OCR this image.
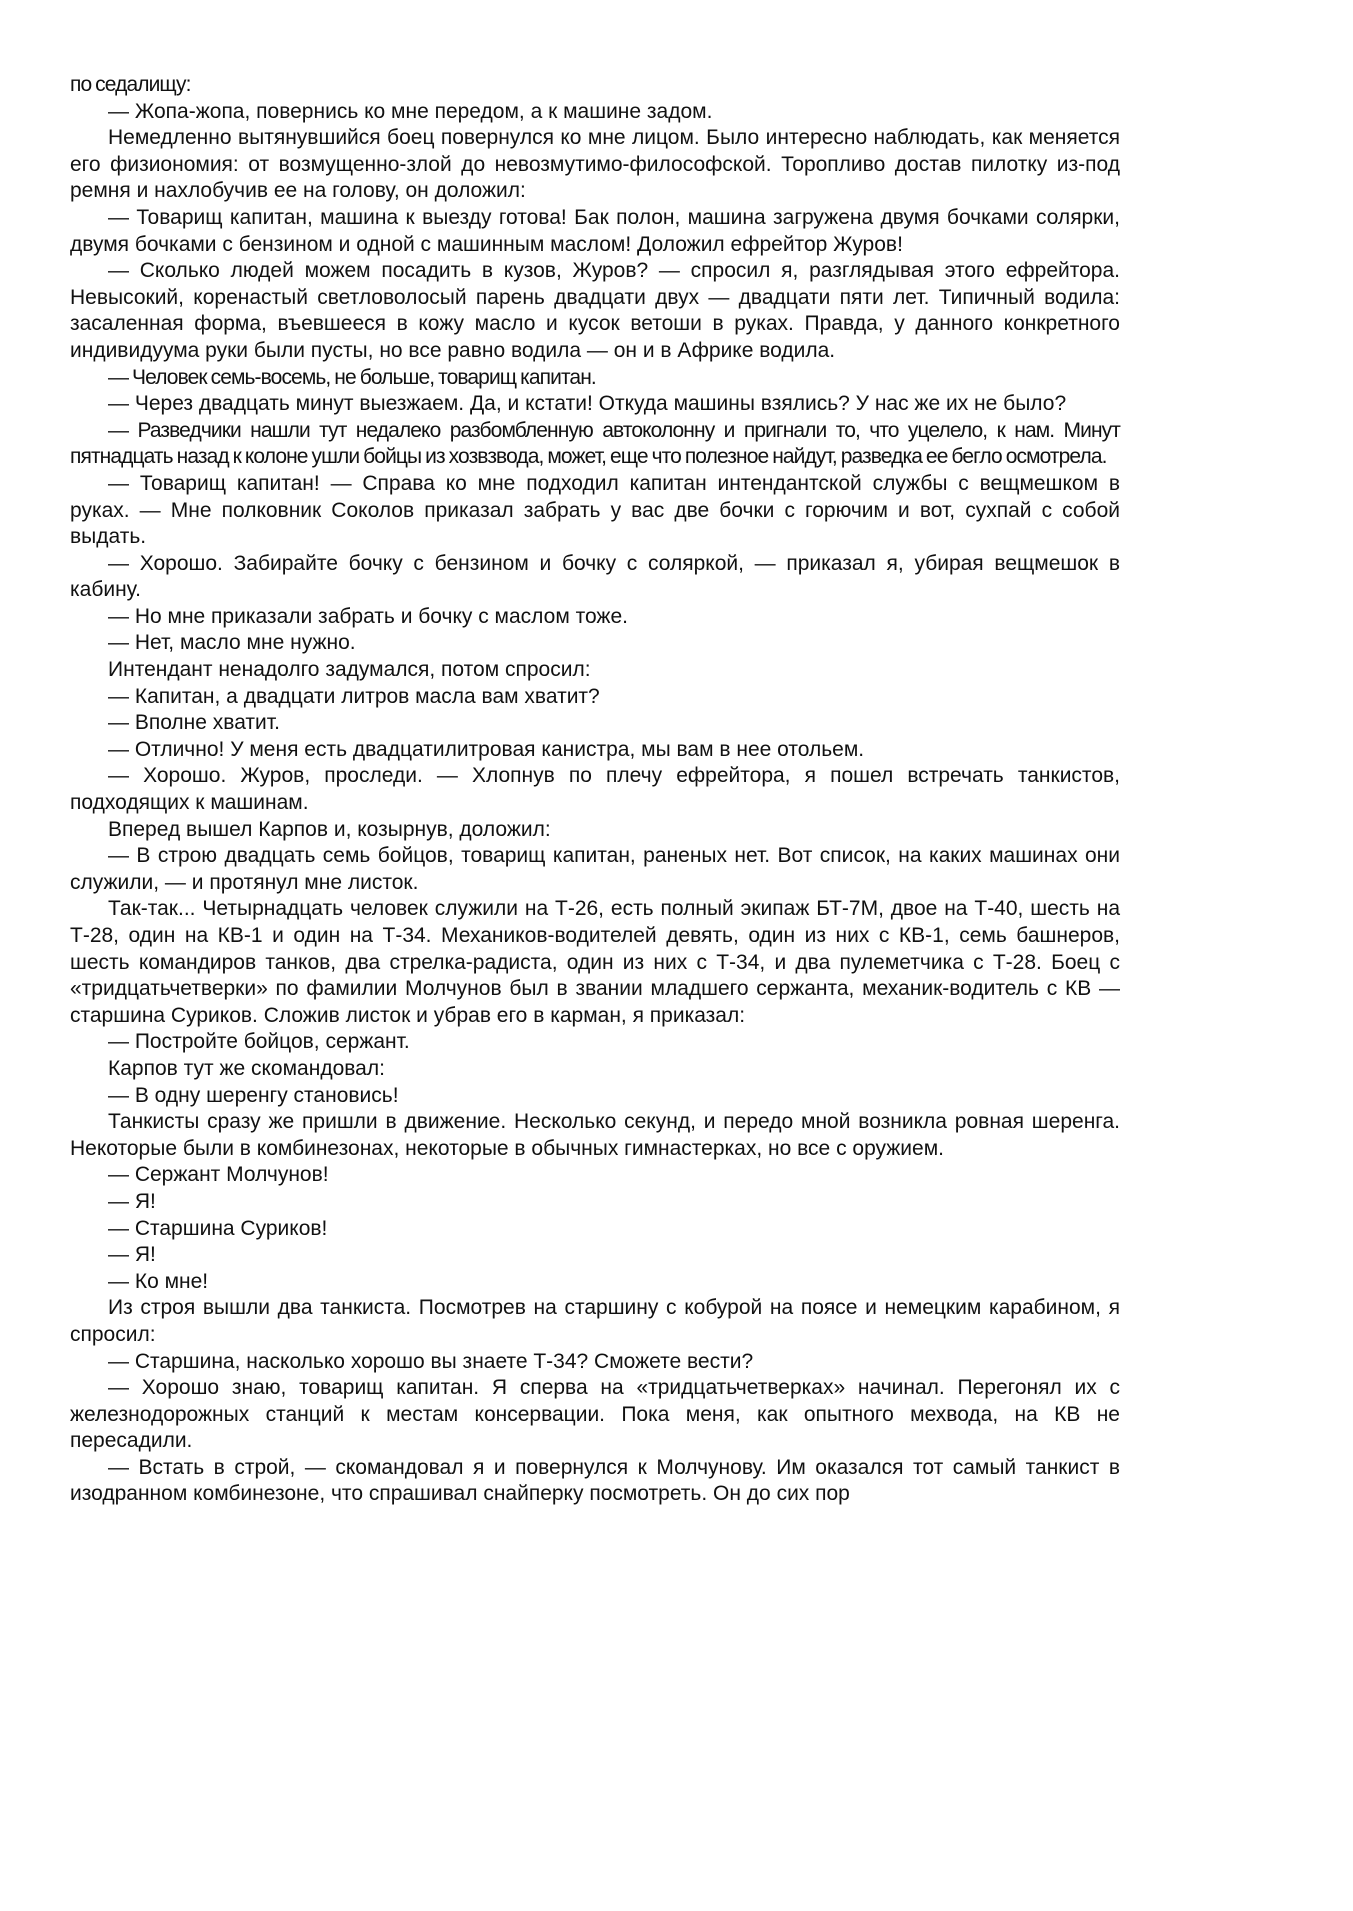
по седалищу:

— Жопа-жопа, повернись ко мне передом, а к машине задом.

Немедленно вытянувшийся боец повернулся ко мне лицом. Было интересно наблюдать, как меняется его физиономия: от возмущенно-злой до невозмутимо-философской. Торопливо достав пилотку из-под ремня и нахлобучив ее на голову, он доложил:

— Товарищ капитан, машина к выезду готова! Бак полон, машина загружена двумя бочками солярки, двумя бочками с бензином и одной с машинным маслом! Доложил ефрейтор Журов!

— Сколько людей можем посадить в кузов, Журов? — спросил я, разглядывая этого ефрейтора. Невысокий, коренастый светловолосый парень двадцати двух — двадцати пяти лет. Типичный водила: засаленная форма, въевшееся в кожу масло и кусок ветоши в руках. Правда, у данного конкретного индивидуума руки были пусты, но все равно водила — он и в Африке водила.

— Человек семь-восемь, не больше, товарищ капитан.

— Через двадцать минут выезжаем. Да, и кстати! Откуда машины взялись? У нас же их не было?

— Разведчики нашли тут недалеко разбомбленную автоколонну и пригнали то, что уцелело, к нам. Минут пятнадцать назад к колоне ушли бойцы из хозвзвода, может, еще что полезное найдут, разведка ее бегло осмотрела.

— Товарищ капитан! — Справа ко мне подходил капитан интендантской службы с вещмешком в руках. — Мне полковник Соколов приказал забрать у вас две бочки с горючим и вот, сухпай с собой выдать.

— Хорошо. Забирайте бочку с бензином и бочку с соляркой, — приказал я, убирая вещмешок в кабину.

— Но мне приказали забрать и бочку с маслом тоже.

— Нет, масло мне нужно.

Интендант ненадолго задумался, потом спросил:

— Капитан, а двадцати литров масла вам хватит?

— Вполне хватит.

— Отлично! У меня есть двадцатилитровая канистра, мы вам в нее отольем.

— Хорошо. Журов, проследи. — Хлопнув по плечу ефрейтора, я пошел встречать танкистов, подходящих к машинам.

Вперед вышел Карпов и, козырнув, доложил:

— В строю двадцать семь бойцов, товарищ капитан, раненых нет. Вот список, на каких машинах они служили, — и протянул мне листок.

Так-так... Четырнадцать человек служили на Т-26, есть полный экипаж БТ-7М, двое на Т-40, шесть на Т-28, один на КВ-1 и один на Т-34. Механиков-водителей девять, один из них с КВ-1, семь башнеров, шесть командиров танков, два стрелка-радиста, один из них с Т-34, и два пулеметчика с Т-28. Боец с «тридцатьчетверки» по фамилии Молчунов был в звании младшего сержанта, механик-водитель с КВ — старшина Суриков. Сложив листок и убрав его в карман, я приказал:

— Постройте бойцов, сержант.

Карпов тут же скомандовал:

— В одну шеренгу становись!

Танкисты сразу же пришли в движение. Несколько секунд, и передо мной возникла ровная шеренга. Некоторые были в комбинезонах, некоторые в обычных гимнастерках, но все с оружием.

— Сержант Молчунов!

— Я!

— Старшина Суриков!

— Я!

— Ко мне!

Из строя вышли два танкиста. Посмотрев на старшину с кобурой на поясе и немецким карабином, я спросил:

— Старшина, насколько хорошо вы знаете Т-34? Сможете вести?

— Хорошо знаю, товарищ капитан. Я сперва на «тридцатьчетверках» начинал. Перегонял их с железнодорожных станций к местам консервации. Пока меня, как опытного мехвода, на КВ не пересадили.

— Встать в строй, — скомандовал я и повернулся к Молчунову. Им оказался тот самый танкист в изодранном комбинезоне, что спрашивал снайперку посмотреть. Он до сих пор
